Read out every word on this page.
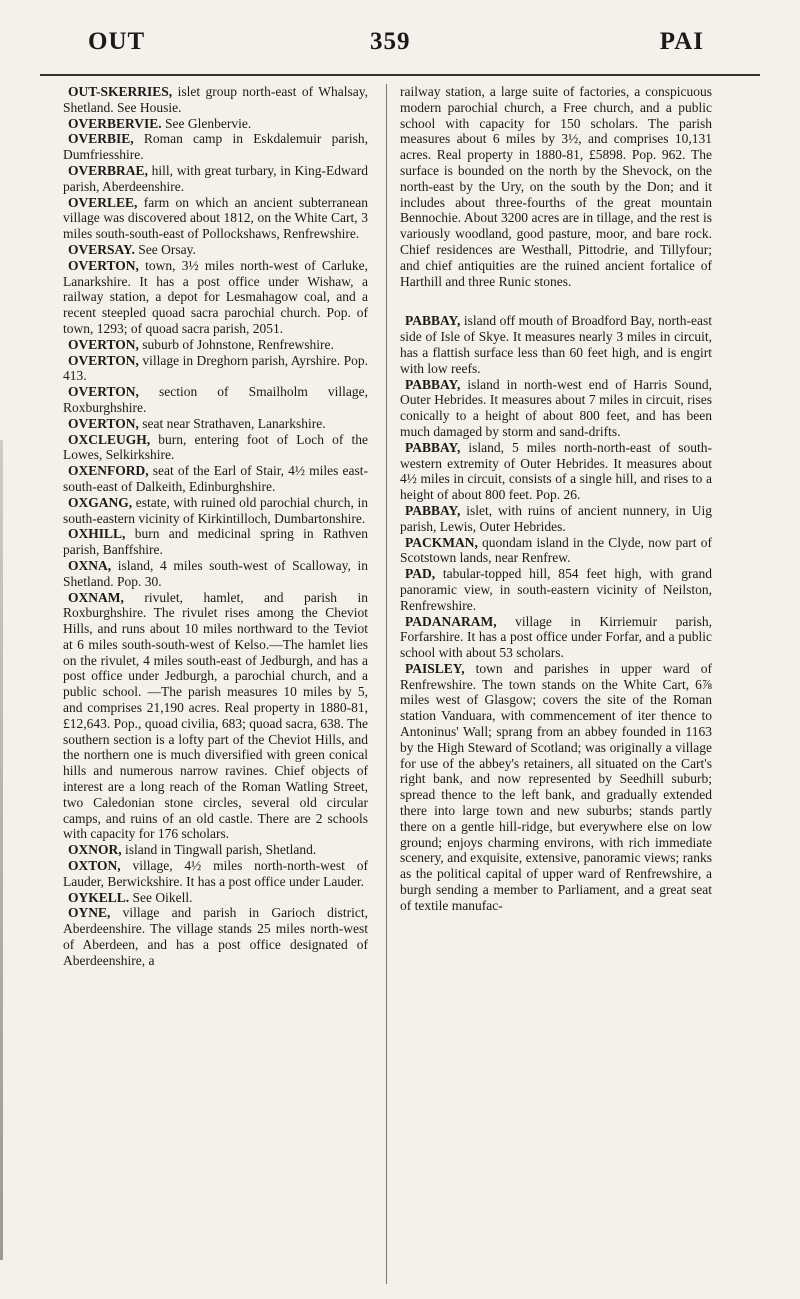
OUT	359	PAI

OUT-SKERRIES, islet group north-east of Whalsay, Shetland. See Housie.

OVERBERVIE. See Glenbervie.

OVERBIE, Roman camp in Eskdalemuir parish, Dumfriesshire.

OVERBRAE, hill, with great turbary, in King-Edward parish, Aberdeenshire.

OVERLEE, farm on which an ancient subterranean village was discovered about 1812, on the White Cart, 3 miles south-south-east of Pollockshaws, Renfrewshire.

OVERSAY. See Orsay.

OVERTON, town, 3½ miles north-west of Carluke, Lanarkshire. It has a post office under Wishaw, a railway station, a depot for Lesmahagow coal, and a recent steepled quoad sacra parochial church. Pop. of town, 1293; of quoad sacra parish, 2051.

OVERTON, suburb of Johnstone, Renfrewshire.

OVERTON, village in Dreghorn parish, Ayrshire. Pop. 413.

OVERTON, section of Smailholm village, Roxburghshire.

OVERTON, seat near Strathaven, Lanarkshire.

OXCLEUGH, burn, entering foot of Loch of the Lowes, Selkirkshire.

OXENFORD, seat of the Earl of Stair, 4½ miles east-south-east of Dalkeith, Edinburghshire.

OXGANG, estate, with ruined old parochial church, in south-eastern vicinity of Kirkintilloch, Dumbartonshire.

OXHILL, burn and medicinal spring in Rathven parish, Banffshire.

OXNA, island, 4 miles south-west of Scalloway, in Shetland. Pop. 30.

OXNAM, rivulet, hamlet, and parish in Roxburghshire. The rivulet rises among the Cheviot Hills, and runs about 10 miles northward to the Teviot at 6 miles south-south-west of Kelso.—The hamlet lies on the rivulet, 4 miles south-east of Jedburgh, and has a post office under Jedburgh, a parochial church, and a public school. —The parish measures 10 miles by 5, and comprises 21,190 acres. Real property in 1880-81, £12,643. Pop., quoad civilia, 683; quoad sacra, 638. The southern section is a lofty part of the Cheviot Hills, and the northern one is much diversified with green conical hills and numerous narrow ravines. Chief objects of interest are a long reach of the Roman Watling Street, two Caledonian stone circles, several old circular camps, and ruins of an old castle. There are 2 schools with capacity for 176 scholars.

OXNOR, island in Tingwall parish, Shetland.

OXTON, village, 4½ miles north-north-west of Lauder, Berwickshire. It has a post office under Lauder.

OYKELL. See Oikell.

OYNE, village and parish in Garioch district, Aberdeenshire. The village stands 25 miles north-west of Aberdeen, and has a post office designated of Aberdeenshire, a

railway station, a large suite of factories, a conspicuous modern parochial church, a Free church, and a public school with capacity for 150 scholars. The parish measures about 6 miles by 3½, and comprises 10,131 acres. Real property in 1880-81, £5898. Pop. 962. The surface is bounded on the north by the Shevock, on the north-east by the Ury, on the south by the Don; and it includes about three-fourths of the great mountain Bennochie. About 3200 acres are in tillage, and the rest is variously woodland, good pasture, moor, and bare rock. Chief residences are Westhall, Pittodrie, and Tillyfour; and chief antiquities are the ruined ancient fortalice of Harthill and three Runic stones.

PABBAY, island off mouth of Broadford Bay, north-east side of Isle of Skye. It measures nearly 3 miles in circuit, has a flattish surface less than 60 feet high, and is engirt with low reefs.

PABBAY, island in north-west end of Harris Sound, Outer Hebrides. It measures about 7 miles in circuit, rises conically to a height of about 800 feet, and has been much damaged by storm and sand-drifts.

PABBAY, island, 5 miles north-north-east of south-western extremity of Outer Hebrides. It measures about 4½ miles in circuit, consists of a single hill, and rises to a height of about 800 feet. Pop. 26.

PABBAY, islet, with ruins of ancient nunnery, in Uig parish, Lewis, Outer Hebrides.

PACKMAN, quondam island in the Clyde, now part of Scotstown lands, near Renfrew.

PAD, tabular-topped hill, 854 feet high, with grand panoramic view, in south-eastern vicinity of Neilston, Renfrewshire.

PADANARAM, village in Kirriemuir parish, Forfarshire. It has a post office under Forfar, and a public school with about 53 scholars.

PAISLEY, town and parishes in upper ward of Renfrewshire. The town stands on the White Cart, 6⅞ miles west of Glasgow; covers the site of the Roman station Vanduara, with commencement of iter thence to Antoninus' Wall; sprang from an abbey founded in 1163 by the High Steward of Scotland; was originally a village for use of the abbey's retainers, all situated on the Cart's right bank, and now represented by Seedhill suburb; spread thence to the left bank, and gradually extended there into large town and new suburbs; stands partly there on a gentle hill-ridge, but everywhere else on low ground; enjoys charming environs, with rich immediate scenery, and exquisite, extensive, panoramic views; ranks as the political capital of upper ward of Renfrewshire, a burgh sending a member to Parliament, and a great seat of textile manufac-
